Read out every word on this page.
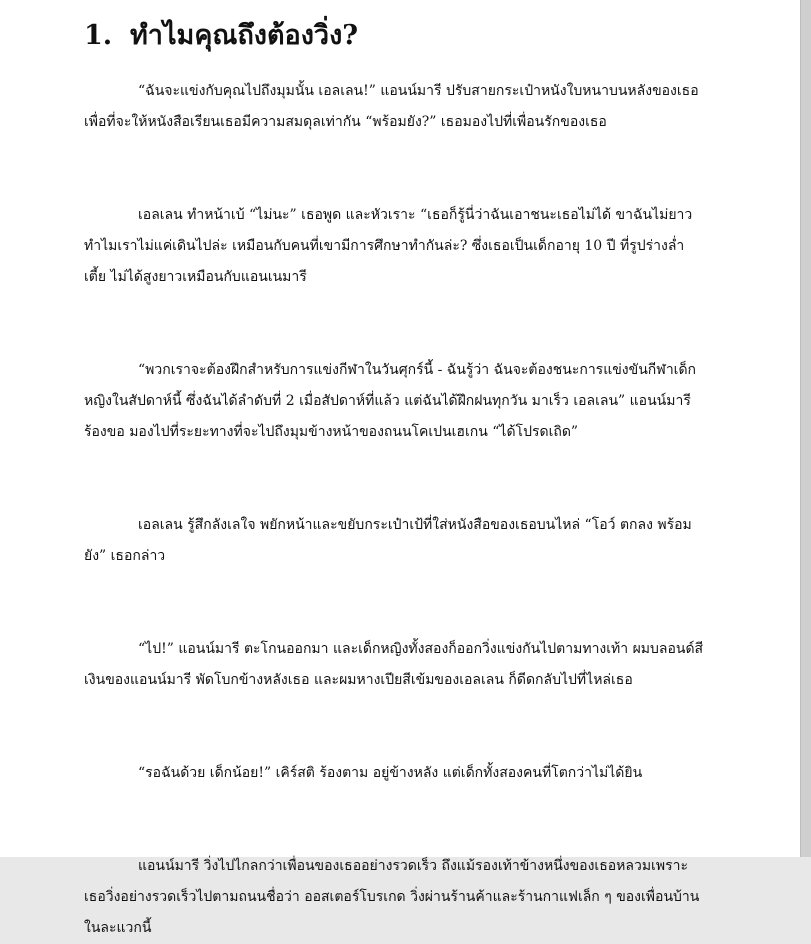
1. ทำไมคุณถึงต้องวิ่ง?

“ฉันจะแข่งกับคุณไปถึงมุมนั้น เอลเลน!” แอนน์มารี ปรับสายกระเป๋าหนังใบหนาบนหลังของเธอเพื่อที่จะให้หนังสือเรียนเธอมีความสมดุลเท่ากัน “พร้อมยัง?” เธอมองไปที่เพื่อนรักของเธอ

เอลเลน ทำหน้าเบ้ “ไม่นะ” เธอพูด และหัวเราะ “เธอก็รู้นี่ว่าฉันเอาชนะเธอไม่ได้ ขาฉันไม่ยาว ทำไมเราไม่แค่เดินไปล่ะ เหมือนกับคนที่เขามีการศึกษาทำกันล่ะ? ซึ่งเธอเป็นเด็กอายุ 10 ปี ที่รูปร่างล่ำเตี้ย ไม่ได้สูงยาวเหมือนกับแอนเนมารี

“พวกเราจะต้องฝึกสำหรับการแข่งกีฬาในวันศุกร์นี้ - ฉันรู้ว่า ฉันจะต้องชนะการแข่งขันกีฬาเด็กหญิงในสัปดาห์นี้ ซึ่งฉันได้ลำดับที่ 2 เมื่อสัปดาห์ที่แล้ว แต่ฉันได้ฝึกฝนทุกวัน มาเร็ว เอลเลน” แอนน์มารี ร้องขอ มองไปที่ระยะทางที่จะไปถึงมุมข้างหน้าของถนนโคเปนเฮเกน “ได้โปรดเถิด”

เอลเลน รู้สึกลังเลใจ พยักหน้าและขยับกระเป๋าเป้ที่ใส่หนังสือของเธอบนไหล่ “โอว์ ตกลง พร้อมยัง” เธอกล่าว

“ไป!” แอนน์มารี ตะโกนออกมา และเด็กหญิงทั้งสองก็ออกวิ่งแข่งกันไปตามทางเท้า ผมบลอนด์สีเงินของแอนน์มารี พัดโบกข้างหลังเธอ และผมหางเปียสีเข้มของเอลเลน ก็ดีดกลับไปที่ไหล่เธอ

“รอฉันด้วย เด็กน้อย!” เคิร์สติ ร้องตาม อยู่ข้างหลัง แต่เด็กทั้งสองคนที่โตกว่าไม่ได้ยิน

แอนน์มารี วิ่งไปไกลกว่าเพื่อนของเธออย่างรวดเร็ว ถึงแม้รองเท้าข้างหนึ่งของเธอหลวมเพราะเธอวิ่งอย่างรวดเร็วไปตามถนนชื่อว่า ออสเตอร์โบรเกด วิ่งผ่านร้านค้าและร้านกาแฟเล็ก ๆ ของเพื่อนบ้านในละแวกนี้
